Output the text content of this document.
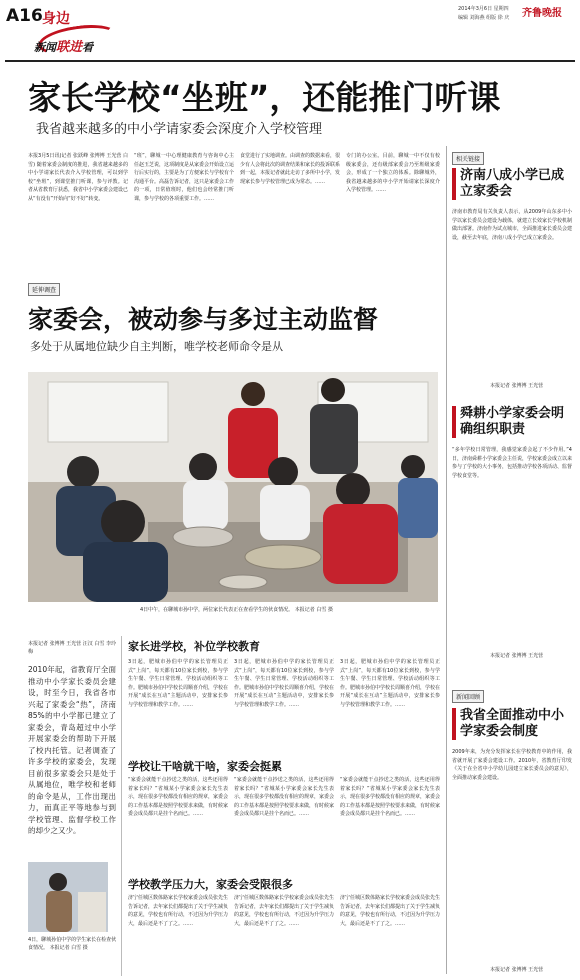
A16 身边
新闻联进看
2014年3月6日 星期四
编辑 刘海燕 组版 徐 庆 齐鲁晚报
家长学校“坐班”，还能推门听课
我省越来越多的中小学请家委会深度介入学校管理
本报3月5日讯(记者 张跃峰 张博博 王光营 白雪) 随着家委会制度的推进，我省越来越多的中小学请家长代表介入学校管理，可以到学校“坐班”，到课堂推门听课，参与评教。记者从省教育厅获悉，我省中小学家委会建设已从“有没有”开始向“好不好”转变。
“班”，聊城一中心理健康教育与咨询中心主任赵玉芝说，这项制度是从家委会开始设立运行后实行的，主要是为了方便家长与学校有个沟通平台。高磊告诉记者，这只是家委会工作的一项，日常值班时，他们也会经常推门听课，参与学校的各项重要工作。……
食堂进行了实地调查。由调查的数据来看，很少有人会将此次的调查结果和家长的投诉联系到一起，本报记者就此走访了多所中小学，发现家长参与学校管理已成为常态。……
专门的办公室。目前，聊城一中不仅有校级家委会，还有级部家委会乃至班级家委会，形成了一个独立的体系。除聊城外，我省越来越多的中小学开始请家长深度介入学校管理。……
延伸调查
家委会，被动参与多过主动监督
多处于从属地位缺少自主判断，唯学校老师命令是从
4日中午，在聊城市孙中学，两位家长代表正在查看学生的伙食情况。 本报记者 白雪 摄
本报记者 张博博 王光营 汪汉 白雪 李玲梅
2010年起，省教育厅全面推动中小学家长委员会建设，时至今日，我省各市兴起了家委会“热”，济南85%的中小学都已建立了家委会，青岛超过中小学开展家委会的帮助下开展了校内托管。记者调查了许多学校的家委会，发现目前很多家委会只是处于从属地位，唯学校和老师的命令是从，工作出现出力，而真正平等地参与到学校管理、监督学校工作的却少之又少。
家长进学校，补位学校教育
3日起，肥城市孙伯中学的家长管理员正式“上岗”，每天都有10位家长到校，参与学生午餐、学生日常管理、学校活动组织等工作。肥城市孙伯中学校长周顺喜介绍，学校在开展“成长在互动”主题活动中，安排家长参与学校管理和教学工作。……
3日起，肥城市孙伯中学的家长管理员正式“上岗”，每天都有10位家长到校，参与学生午餐、学生日常管理、学校活动组织等工作。肥城市孙伯中学校长周顺喜介绍，学校在开展“成长在互动”主题活动中，安排家长参与学校管理和教学工作。……
3日起，肥城市孙伯中学的家长管理员正式“上岗”，每天都有10位家长到校，参与学生午餐、学生日常管理、学校活动组织等工作。肥城市孙伯中学校长周顺喜介绍，学校在开展“成长在互动”主题活动中，安排家长参与学校管理和教学工作。……
学校让干啥就干啥，家委会挺累
“家委会就能干点抄送之类的活，这些还用得着家长吗？”省城某小学家委会家长先生表示，现在很多学校都没有相应的规章，家委会的工作基本都是按照学校要求来做，有时候家委会成员都只是挂个名而已。……
“家委会就能干点抄送之类的活，这些还用得着家长吗？”省城某小学家委会家长先生表示，现在很多学校都没有相应的规章，家委会的工作基本都是按照学校要求来做，有时候家委会成员都只是挂个名而已。……
“家委会就能干点抄送之类的活，这些还用得着家长吗？”省城某小学家委会家长先生表示，现在很多学校都没有相应的规章，家委会的工作基本都是按照学校要求来做，有时候家委会成员都只是挂个名而已。……
学校教学压力大，家委会受限很多
济宁任城区数体路家长学校家委会成员张先生告诉记者，去年家长们都提出了关于学生减负的意见，学校也有所行动，不过因为升学压力大，最后还是不了了之。……
济宁任城区数体路家长学校家委会成员张先生告诉记者，去年家长们都提出了关于学生减负的意见，学校也有所行动，不过因为升学压力大，最后还是不了了之。……
济宁任城区数体路家长学校家委会成员张先生告诉记者，去年家长们都提出了关于学生减负的意见，学校也有所行动，不过因为升学压力大，最后还是不了了之。……
4日，聊城孙伯中学的学生家长在检查伙食情况。 本报记者 白雪 摄
相关链接
济南八成小学已成立家委会
济南市教育局有关负责人表示，从2009年山东多中小学以家长委员会建设为载体，就建立长效家长学校机制做出部署。济南作为试点城市，全面推进家长委员会建设，截至去年底，济南八成小学已成立家委会。
本报记者 张博博 王光营
舜耕小学家委会明确组织职责
“多年学校日常管理，我感觉家委会起了不少作用。”4日，济南舜耕小学家委会主任说，学校家委会成立以来参与了学校的大小事务，包括推动学校各项活动、监督学校食堂等。
本报记者 张博博 王光营
新闻回顾
我省全面推动中小学家委会制度
2009年来，为充分发挥家长在学校教育中的作用，我省就开展了家委会建设工作。2010年，省教育厅印发《关于在全省中小学幼儿园建立家长委员会的意见》，全面推动家委会建设。
本报记者 张博博 王光营
